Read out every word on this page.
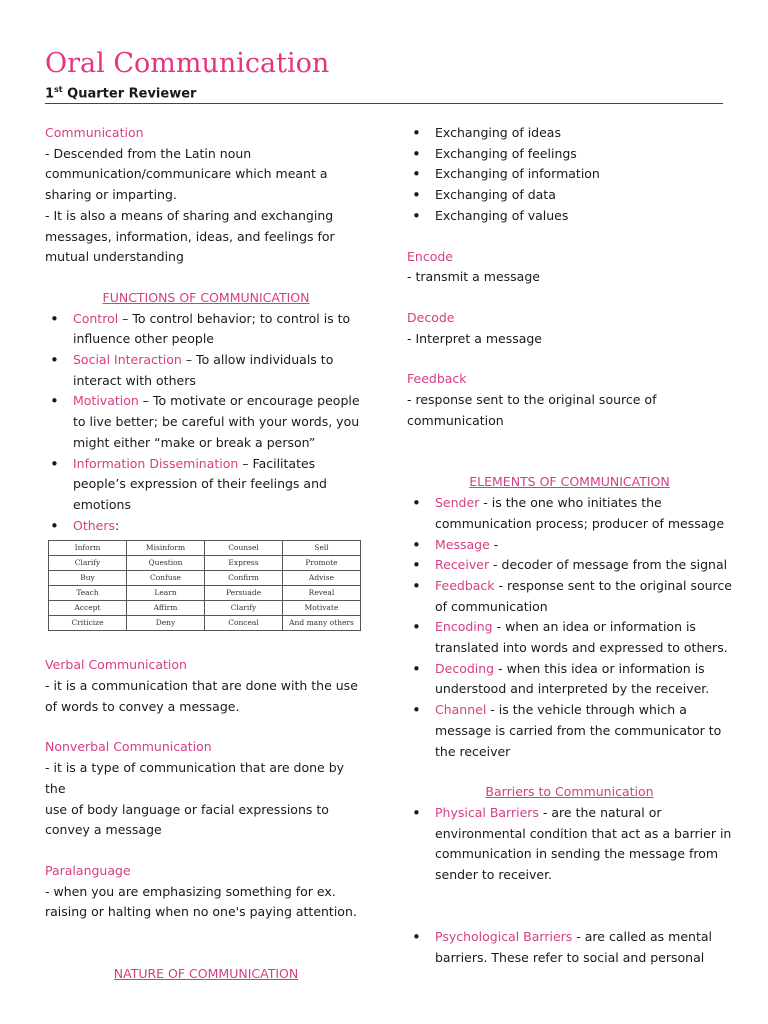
Oral Communication
1st Quarter Reviewer

Communication

- Descended from the Latin noun

communication/communicare which meant a

sharing or imparting.

- It is also a means of sharing and exchanging

messages, information, ideas, and feelings for

mutual understanding

FUNCTIONS OF COMMUNICATION

• Control – To control behavior; to control is to influence other people
• Social Interaction – To allow individuals to interact with others
• Motivation – To motivate or encourage people to live better; be careful with your words, you might either “make or break a person”
• Information Dissemination – Facilitates people’s expression of their feelings and emotions
• Others:
Inform	Misinform	Counsel	Sell
Clarify	Question	Express	Promote
Buy	Confuse	Confirm	Advise
Teach	Learn	Persuade	Reveal
Accept	Affirm	Clarify	Motivate
Criticize	Deny	Conceal	And many others

Verbal Communication

- it is a communication that are done with the use

of words to convey a message.

Nonverbal Communication

- it is a type of communication that are done by the

use of body language or facial expressions to

convey a message

Paralanguage

- when you are emphasizing something for ex.

raising or halting when no one's paying attention.

NATURE OF COMMUNICATION

• Exchanging of ideas
• Exchanging of feelings
• Exchanging of information
• Exchanging of data
• Exchanging of values

Encode

- transmit a message

Decode

- Interpret a message

Feedback

- response sent to the original source of

communication

ELEMENTS OF COMMUNICATION

• Sender - is the one who initiates the communication process; producer of message
• Message -
• Receiver - decoder of message from the signal
• Feedback - response sent to the original source of communication
• Encoding - when an idea or information is translated into words and expressed to others.
• Decoding - when this idea or information is understood and interpreted by the receiver.
• Channel - is the vehicle through which a message is carried from the communicator to the receiver

Barriers to Communication

• Physical Barriers - are the natural or environmental condition that act as a barrier in communication in sending the message from sender to receiver.
• Psychological Barriers - are called as mental barriers. These refer to social and personal
